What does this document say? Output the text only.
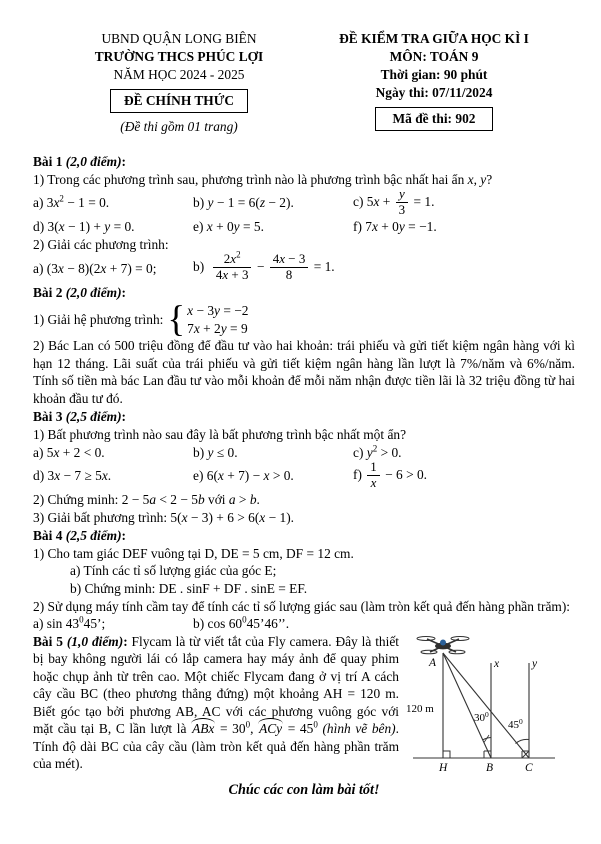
UBND QUẬN LONG BIÊN
TRƯỜNG THCS PHÚC LỢI
NĂM HỌC 2024 - 2025
ĐỀ CHÍNH THỨC
(Đề thi gồm 01 trang)
ĐỀ KIỂM TRA GIỮA HỌC KÌ I
MÔN: TOÁN 9
Thời gian: 90 phút
Ngày thi: 07/11/2024
Mã đề thi: 902

Bài 1 (2,0 điểm):

1) Trong các phương trình sau, phương trình nào là phương trình bậc nhất hai ẩn x, y?

a) $3x^2 - 1 = 0$.	b) y − 1 = 6(z − 2).	c) $5x + \frac{y}{3} = 1$.
d) 3(x − 1) + y = 0.	e) x + 0y = 5.	f) 7x + 0y = −1.

2) Giải các phương trình:

a) (3x − 8)(2x + 7) = 0;	$b) \frac{2x^2}{4x + 3} - \frac{4x - 3}{8} = 1$.

Bài 2 (2,0 điểm):

1) Giải hệ phương trình: { x − 3y = −2
7x + 2y = 9

2) Bác Lan có 500 triệu đồng để đầu tư vào hai khoản: trái phiếu và gửi tiết kiệm ngân hàng với kì hạn 12 tháng. Lãi suất của trái phiếu và gửi tiết kiệm ngân hàng lần lượt là 7%/năm và 6%/năm. Tính số tiền mà bác Lan đầu tư vào mỗi khoản để mỗi năm nhận được tiền lãi là 32 triệu đồng từ hai khoản đầu tư đó.

Bài 3 (2,5 điểm):

1) Bất phương trình nào sau đây là bất phương trình bậc nhất một ẩn?

a) 5x + 2 < 0.	b) y ≤ 0.	c) $y^2 > 0$.
d) 3x − 7 ≥ 5x.	e) 6(x + 7) − x > 0.	$f) \frac{1}{x} - 6 > 0$.

2) Chứng minh: 2 − 5a < 2 − 5b với a > b.

3) Giải bất phương trình: 5(x − 3) + 6 > 6(x − 1).

Bài 4 (2,5 điểm):

1) Cho tam giác DEF vuông tại D, DE = 5 cm, DF = 12 cm.

a) Tính các tỉ số lượng giác của góc E;

b) Chứng minh: DE . sinF + DF . sinE = EF.

2) Sử dụng máy tính cầm tay để tính các tỉ số lượng giác sau (làm tròn kết quả đến hàng phần trăm):

a) $\sin 43^045$’;	b) $\cos 60^045’46$’’.
A	x	y
120 m
$30^0$
$45^0$
H	B	C

Bài 5 (1,0 điểm): Flycam là từ viết tắt của Fly camera. Đây là thiết bị bay không người lái có lắp camera hay máy ảnh để quay phim hoặc chụp ảnh từ trên cao. Một chiếc Flycam đang ở vị trí A cách cây cầu BC (theo phương thẳng đứng) một khoảng AH = 120 m. Biết góc tạo bởi phương AB, AC với các phương vuông góc với mặt cầu tại B, C lần lượt là ABx = $30^0$, ACy = $45^0$ (hình vẽ bên). Tính độ dài BC của cây cầu (làm tròn kết quả đến hàng phần trăm của mét).

Chúc các con làm bài tốt!
